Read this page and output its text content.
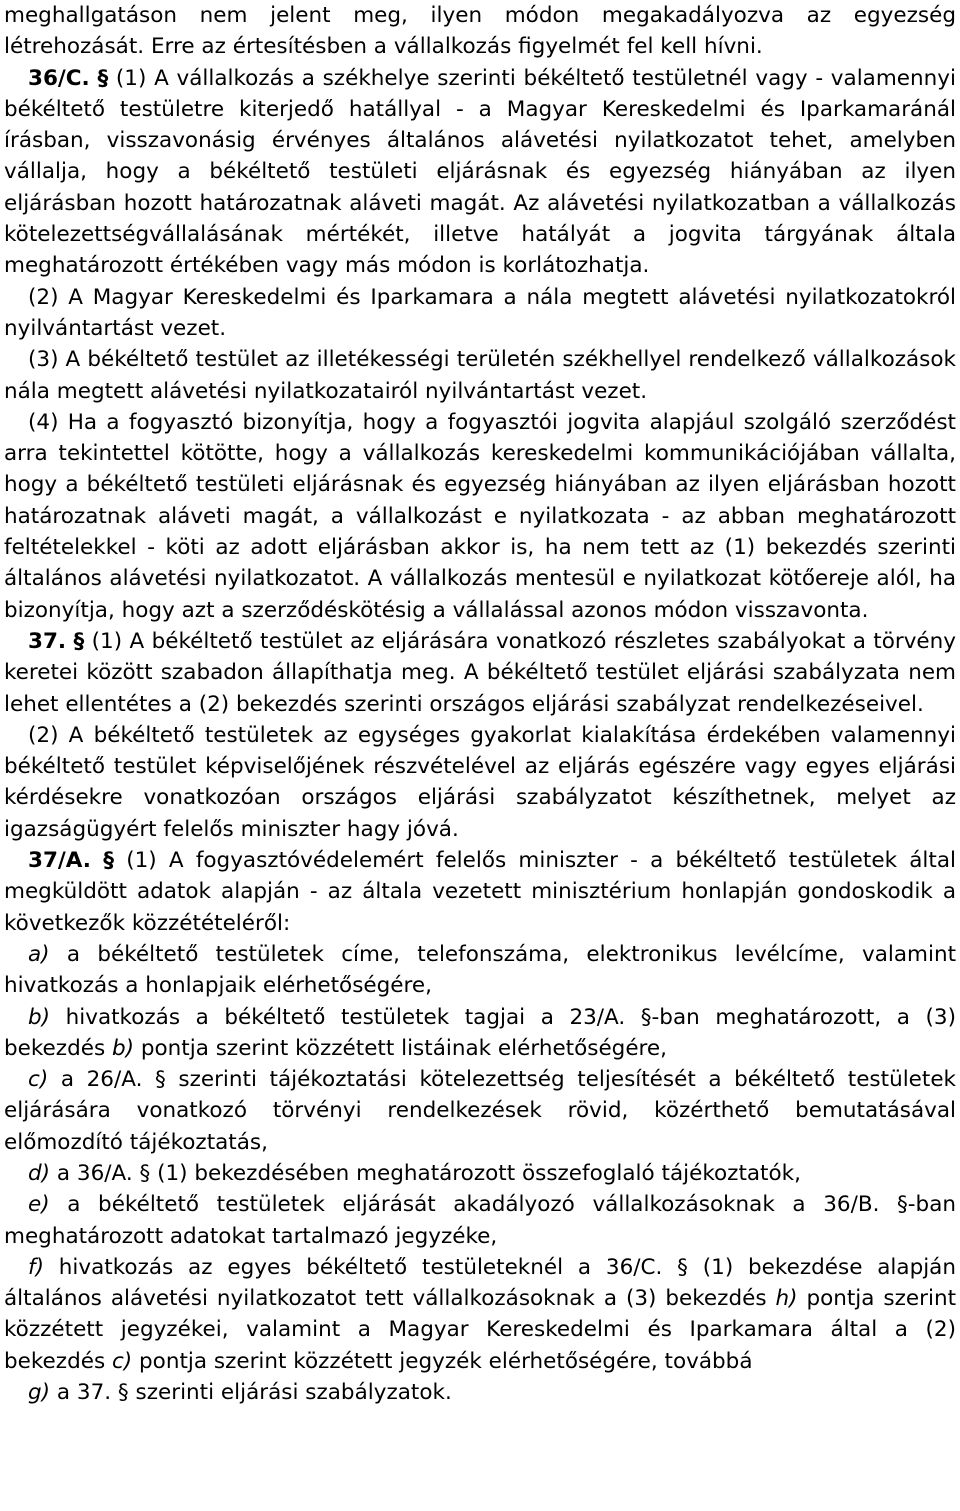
meghallgatáson nem jelent meg, ilyen módon megakadályozva az egyezség létrehozását. Erre az értesítésben a vállalkozás figyelmét fel kell hívni.

36/C. § (1) A vállalkozás a székhelye szerinti békéltető testületnél vagy - valamennyi békéltető testületre kiterjedő hatállyal - a Magyar Kereskedelmi és Iparkamaránál írásban, visszavonásig érvényes általános alávetési nyilatkozatot tehet, amelyben vállalja, hogy a békéltető testületi eljárásnak és egyezség hiányában az ilyen eljárásban hozott határozatnak aláveti magát. Az alávetési nyilatkozatban a vállalkozás kötelezettségvállalásának mértékét, illetve hatályát a jogvita tárgyának általa meghatározott értékében vagy más módon is korlátozhatja.

(2) A Magyar Kereskedelmi és Iparkamara a nála megtett alávetési nyilatkozatokról nyilvántartást vezet.

(3) A békéltető testület az illetékességi területén székhellyel rendelkező vállalkozások nála megtett alávetési nyilatkozatairól nyilvántartást vezet.

(4) Ha a fogyasztó bizonyítja, hogy a fogyasztói jogvita alapjául szolgáló szerződést arra tekintettel kötötte, hogy a vállalkozás kereskedelmi kommunikációjában vállalta, hogy a békéltető testületi eljárásnak és egyezség hiányában az ilyen eljárásban hozott határozatnak aláveti magát, a vállalkozást e nyilatkozata - az abban meghatározott feltételekkel - köti az adott eljárásban akkor is, ha nem tett az (1) bekezdés szerinti általános alávetési nyilatkozatot. A vállalkozás mentesül e nyilatkozat kötőereje alól, ha bizonyítja, hogy azt a szerződéskötésig a vállalással azonos módon visszavonta.

37. § (1) A békéltető testület az eljárására vonatkozó részletes szabályokat a törvény keretei között szabadon állapíthatja meg. A békéltető testület eljárási szabályzata nem lehet ellentétes a (2) bekezdés szerinti országos eljárási szabályzat rendelkezéseivel.

(2) A békéltető testületek az egységes gyakorlat kialakítása érdekében valamennyi békéltető testület képviselőjének részvételével az eljárás egészére vagy egyes eljárási kérdésekre vonatkozóan országos eljárási szabályzatot készíthetnek, melyet az igazságügyért felelős miniszter hagy jóvá.

37/A. § (1) A fogyasztóvédelemért felelős miniszter - a békéltető testületek által megküldött adatok alapján - az általa vezetett minisztérium honlapján gondoskodik a következők közzétételéről:

a) a békéltető testületek címe, telefonszáma, elektronikus levélcíme, valamint hivatkozás a honlapjaik elérhetőségére,

b) hivatkozás a békéltető testületek tagjai a 23/A. §-ban meghatározott, a (3) bekezdés b) pontja szerint közzétett listáinak elérhetőségére,

c) a 26/A. § szerinti tájékoztatási kötelezettség teljesítését a békéltető testületek eljárására vonatkozó törvényi rendelkezések rövid, közérthető bemutatásával előmozdító tájékoztatás,

d) a 36/A. § (1) bekezdésében meghatározott összefoglaló tájékoztatók,

e) a békéltető testületek eljárását akadályozó vállalkozásoknak a 36/B. §-ban meghatározott adatokat tartalmazó jegyzéke,

f) hivatkozás az egyes békéltető testületeknél a 36/C. § (1) bekezdése alapján általános alávetési nyilatkozatot tett vállalkozásoknak a (3) bekezdés h) pontja szerint közzétett jegyzékei, valamint a Magyar Kereskedelmi és Iparkamara által a (2) bekezdés c) pontja szerint közzétett jegyzék elérhetőségére, továbbá

g) a 37. § szerinti eljárási szabályzatok.
